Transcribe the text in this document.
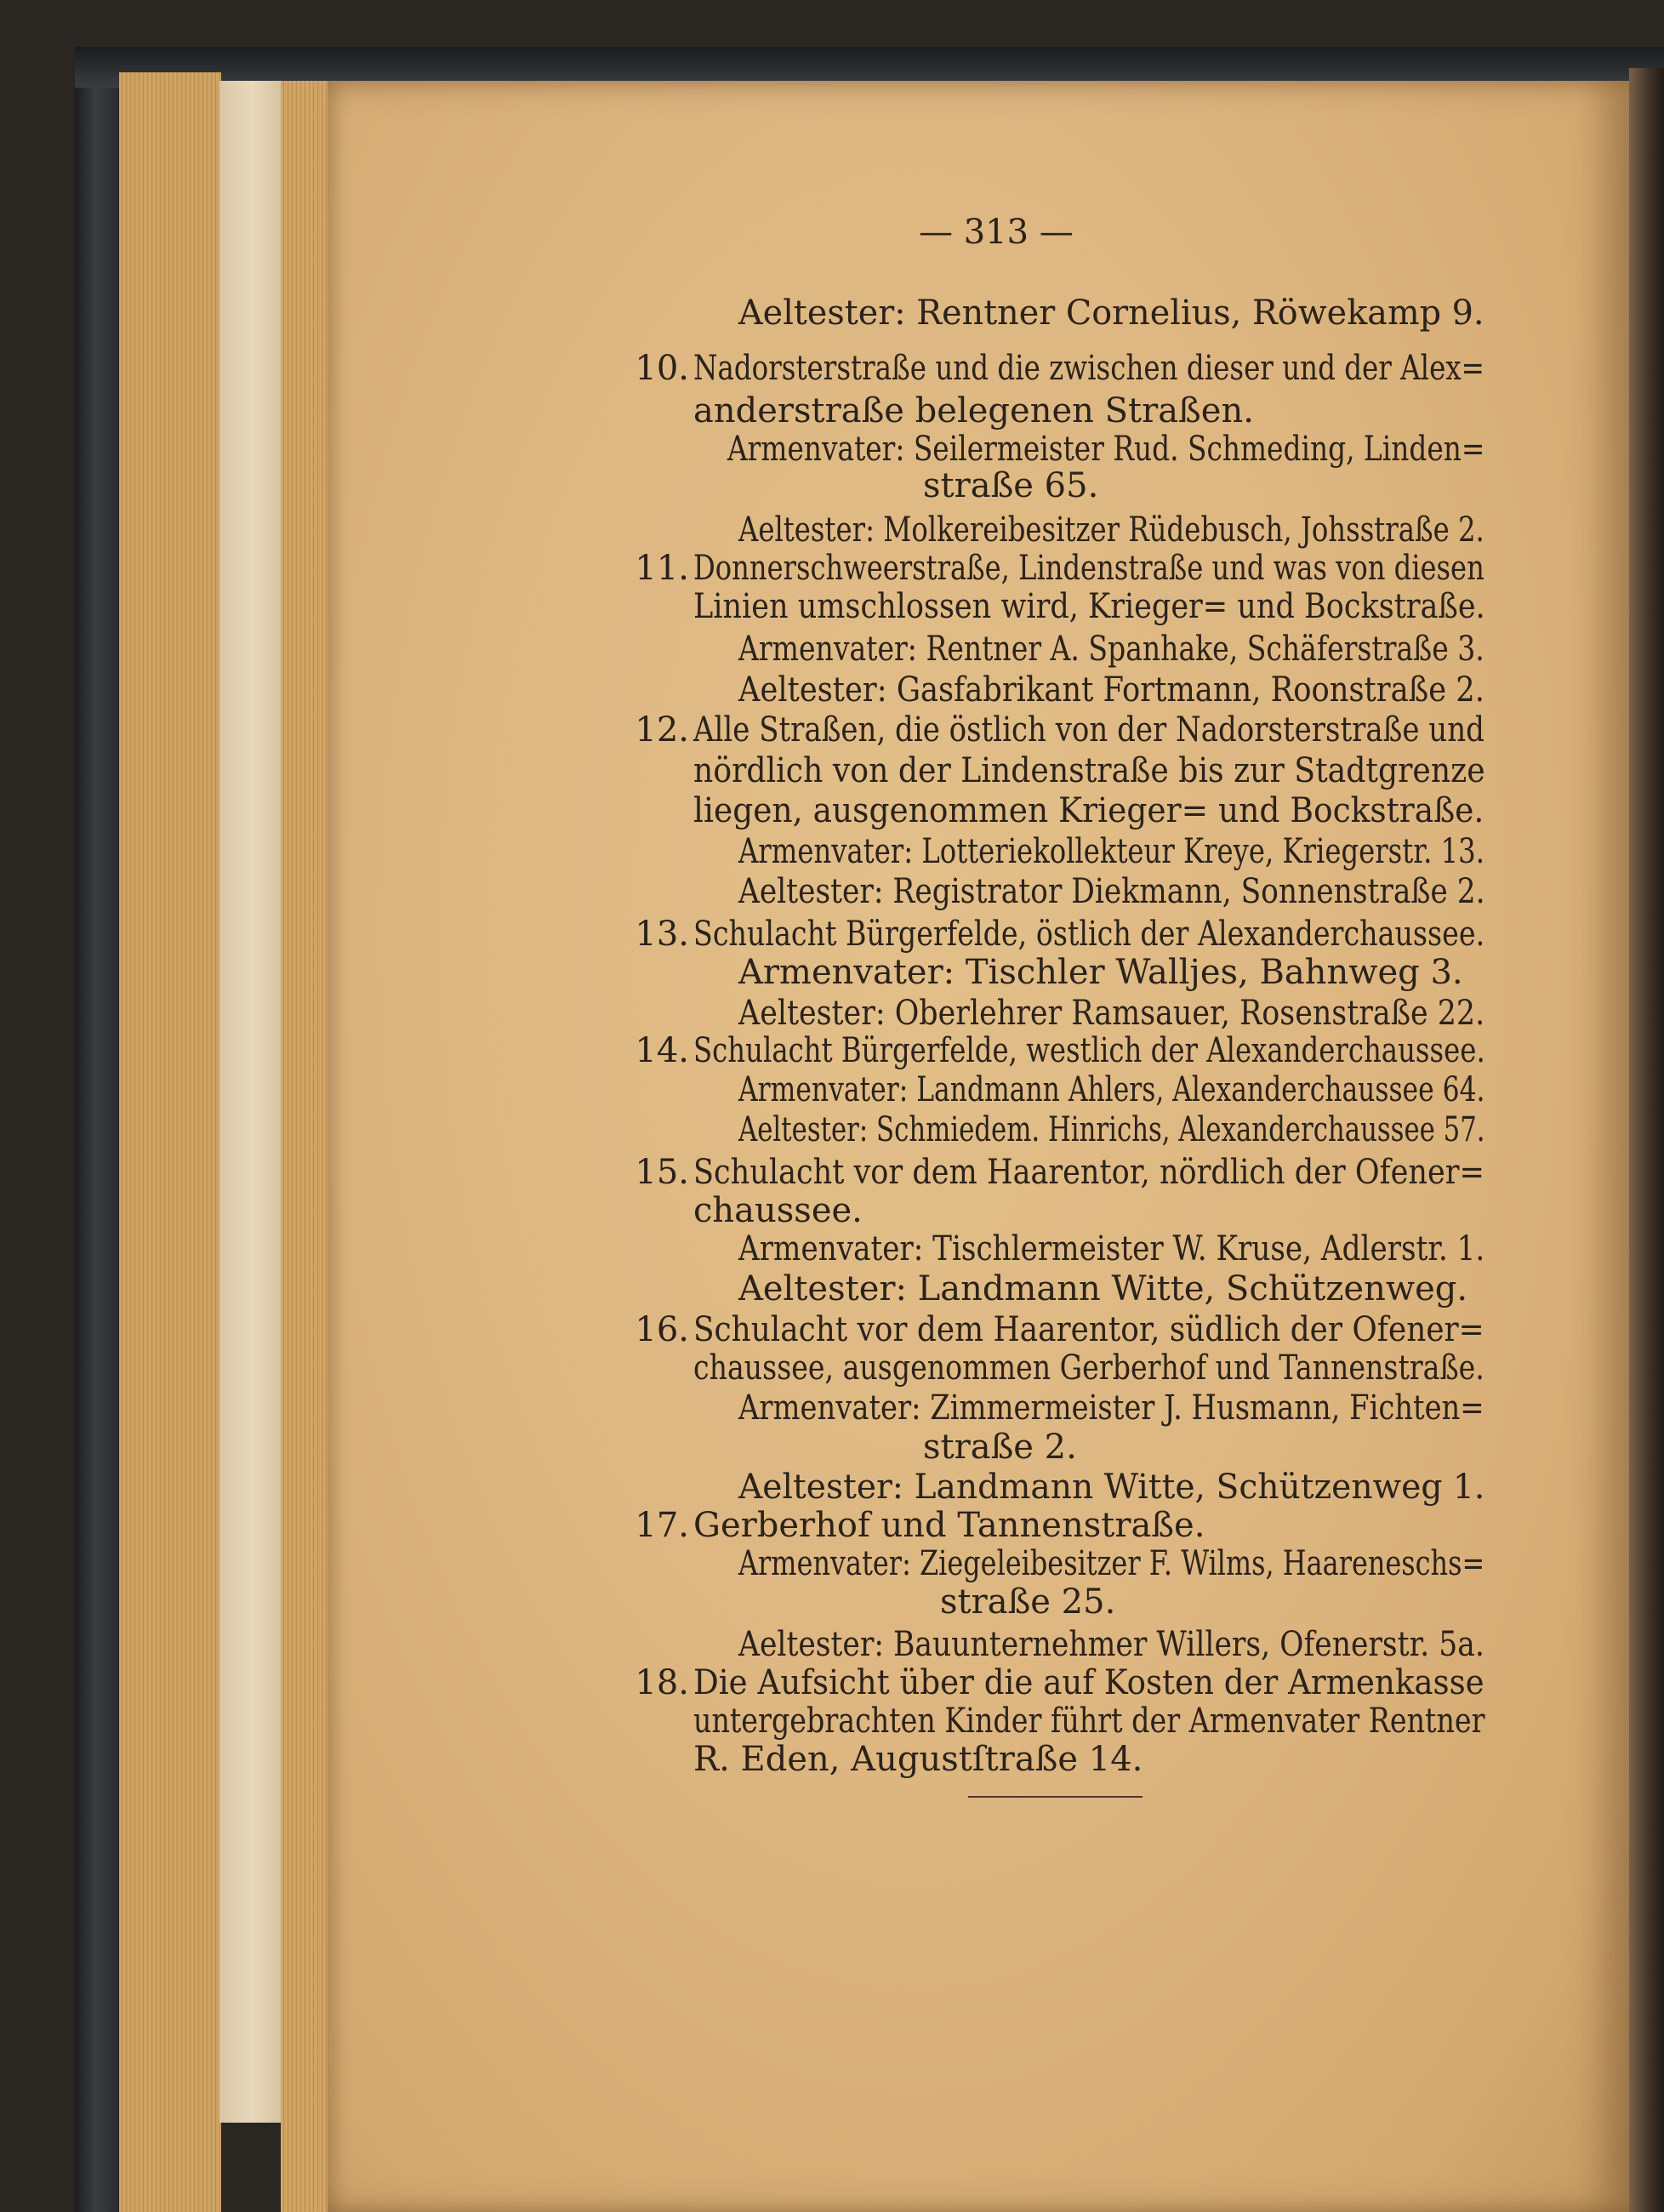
— 313 —
Aeltester: Rentner Cornelius, Röwekamp 9.
10. Nadorsterstraße und die zwischen dieser und der Alex=
anderstraße belegenen Straßen.
Armenvater: Seilermeister Rud. Schmeding, Linden=
straße 65.
Aeltester: Molkereibesitzer Rüdebusch, Johsstraße 2.
11. Donnerschweerstraße, Lindenstraße und was von diesen
Linien umschlossen wird, Krieger= und Bockstraße.
Armenvater: Rentner A. Spanhake, Schäferstraße 3.
Aeltester: Gasfabrikant Fortmann, Roonstraße 2.
12. Alle Straßen, die östlich von der Nadorsterstraße und
nördlich von der Lindenstraße bis zur Stadtgrenze
liegen, ausgenommen Krieger= und Bockstraße.
Armenvater: Lotteriekollekteur Kreye, Kriegerstr. 13.
Aeltester: Registrator Diekmann, Sonnenstraße 2.
13. Schulacht Bürgerfelde, östlich der Alexanderchaussee.
Armenvater: Tischler Walljes, Bahnweg 3.
Aeltester: Oberlehrer Ramsauer, Rosenstraße 22.
14. Schulacht Bürgerfelde, westlich der Alexanderchaussee.
Armenvater: Landmann Ahlers, Alexanderchaussee 64.
Aeltester: Schmiedem. Hinrichs, Alexanderchaussee 57.
15. Schulacht vor dem Haarentor, nördlich der Ofener=
chaussee.
Armenvater: Tischlermeister W. Kruse, Adlerstr. 1.
Aeltester: Landmann Witte, Schützenweg.
16. Schulacht vor dem Haarentor, südlich der Ofener=
chaussee, ausgenommen Gerberhof und Tannenstraße.
Armenvater: Zimmermeister J. Husmann, Fichten=
straße 2.
Aeltester: Landmann Witte, Schützenweg 1.
17. Gerberhof und Tannenstraße.
Armenvater: Ziegeleibesitzer F. Wilms, Haareneschs=
straße 25.
Aeltester: Bauunternehmer Willers, Ofenerstr. 5a.
18. Die Aufsicht über die auf Kosten der Armenkasse
untergebrachten Kinder führt der Armenvater Rentner
R. Eden, Augustſtraße 14.
